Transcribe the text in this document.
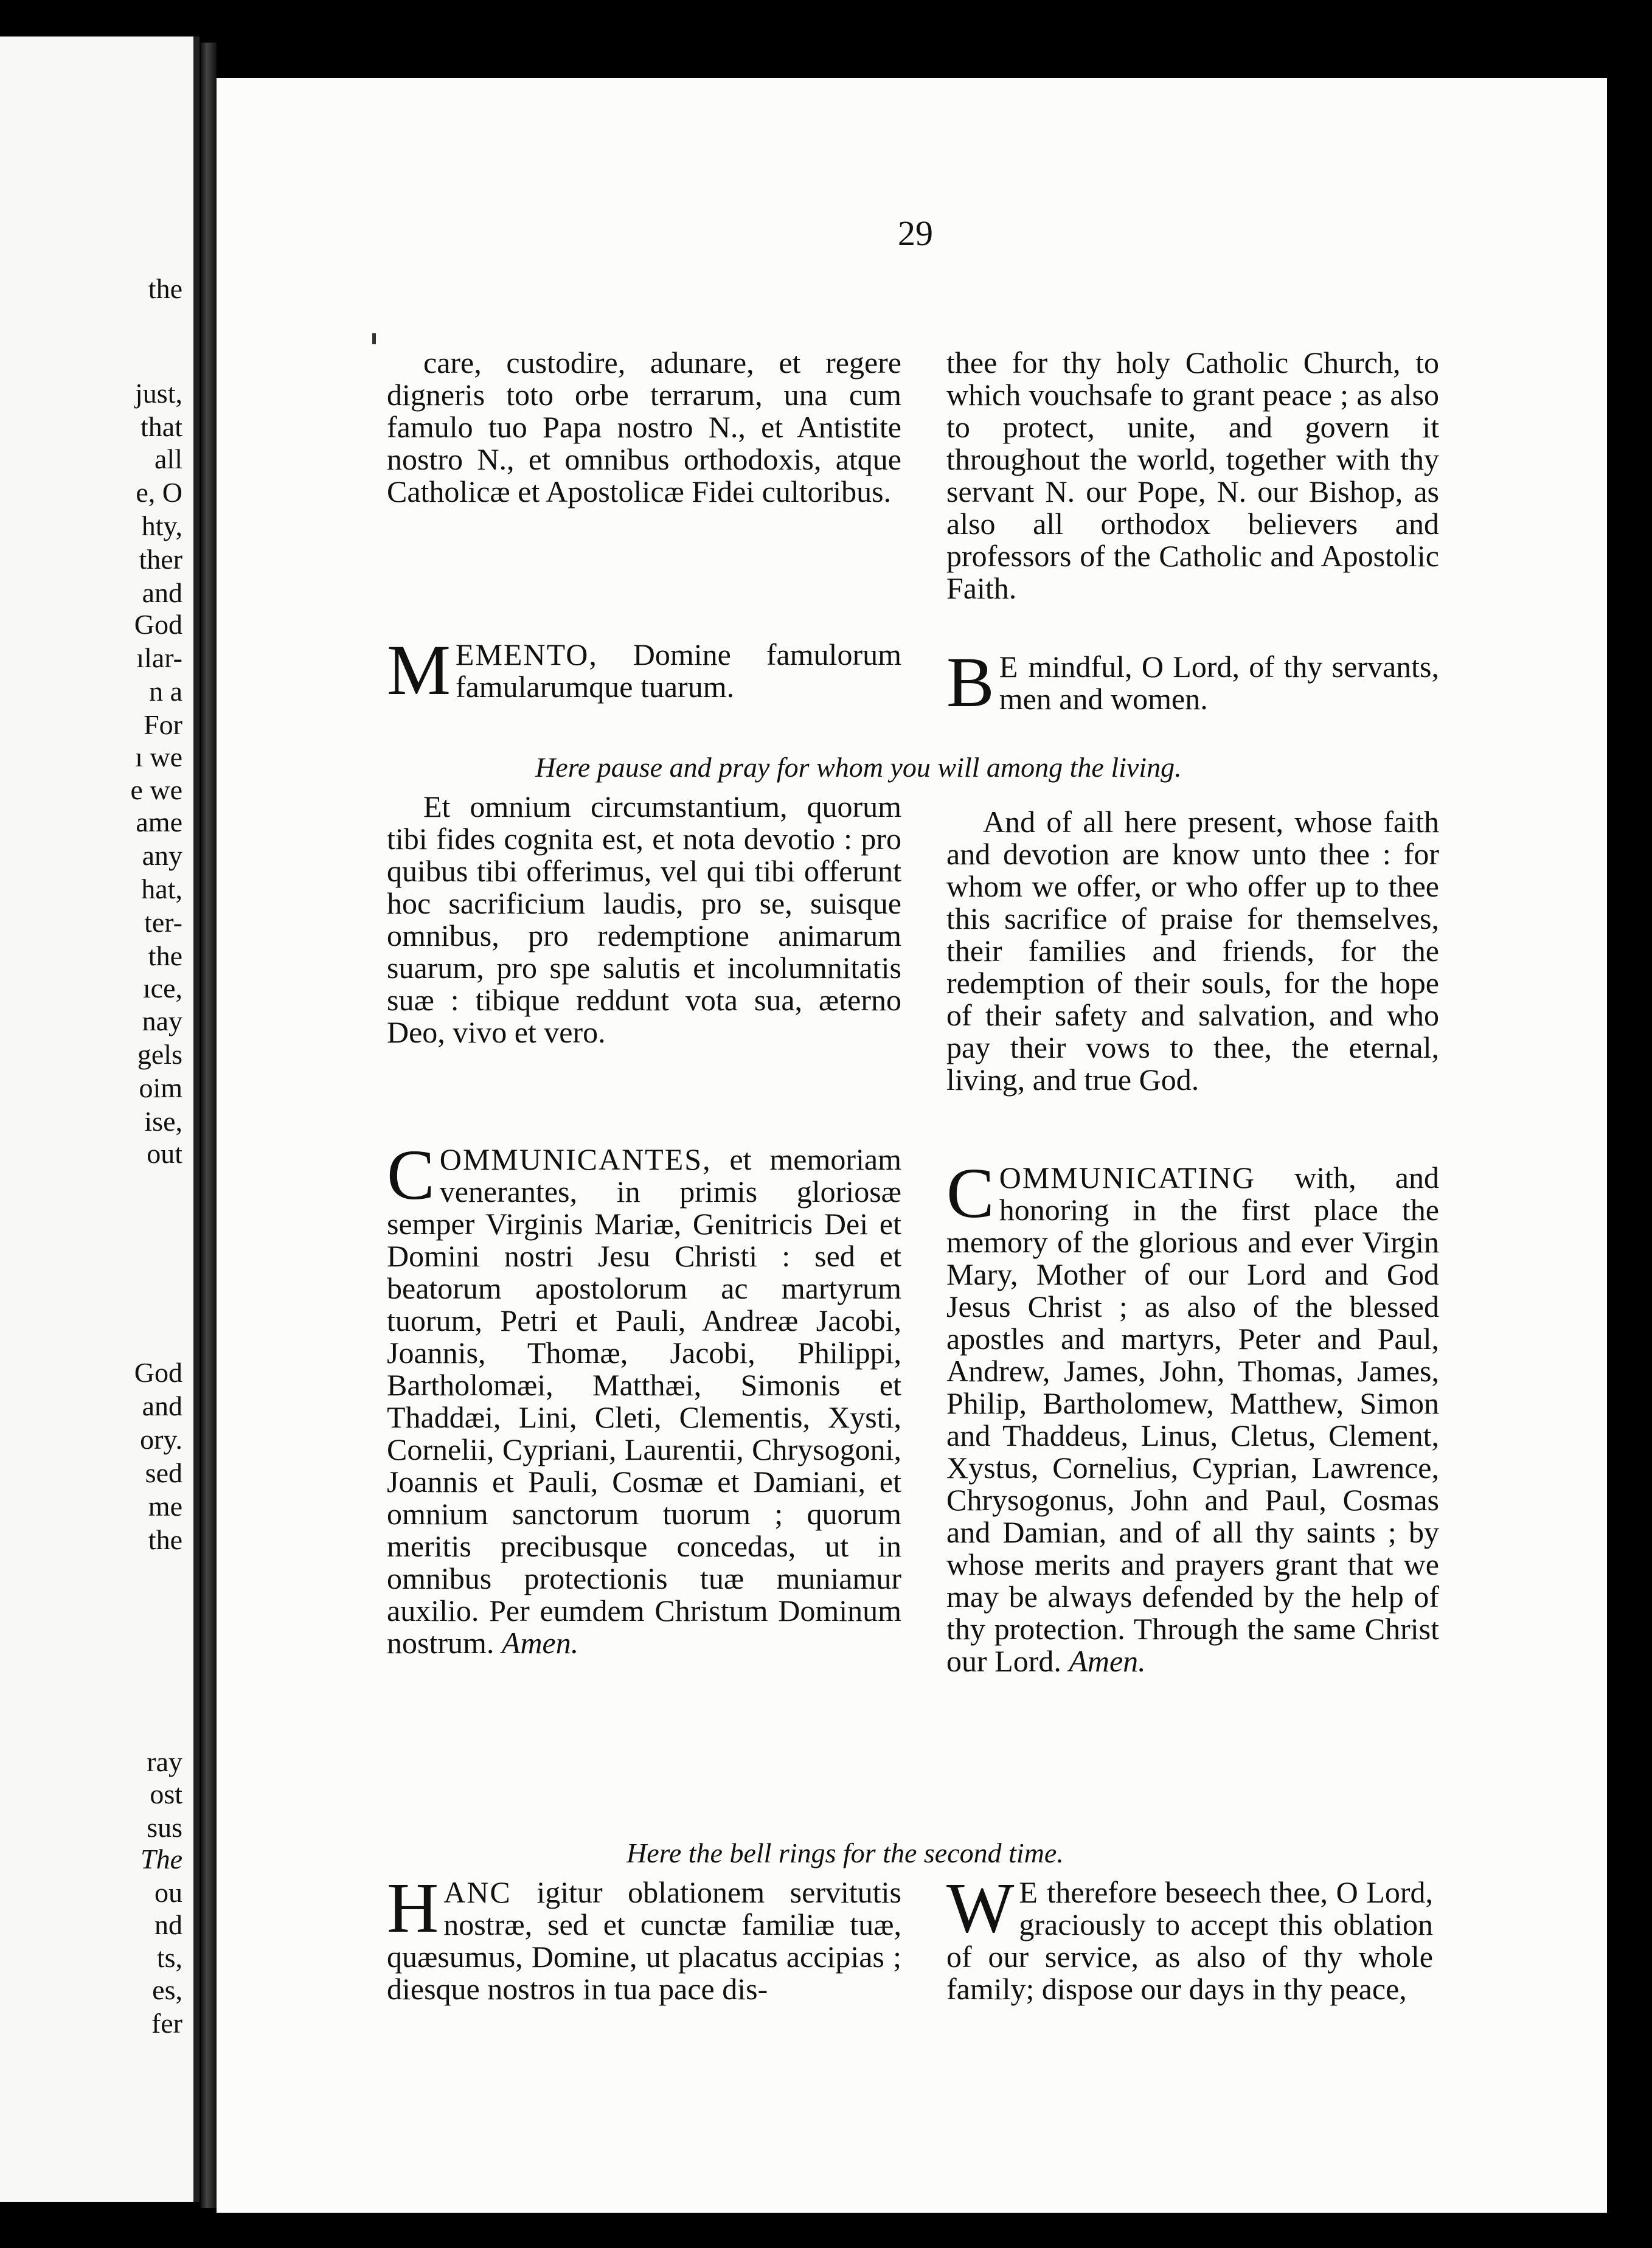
the
just,
that
all
e, O
hty,
ther
and
God
ılar-
n a
For
ı we
e we
ame
any
hat,
ter-
the
ıce,
nay
gels
oim
ise,
out
God
and
ory.
sed
me
the
ray
ost
sus
The
ou
nd
ts,
es,
fer
29

care, custodire, adunare, et regere digneris toto orbe terrarum, una cum famulo tuo Papa nostro N., et Antistite nostro N., et omnibus orthodoxis, atque Catholicæ et Apostolicæ Fidei cultoribus.

thee for thy holy Catholic Church, to which vouchsafe to grant peace ; as also to protect, unite, and govern it throughout the world, together with thy servant N. our Pope, N. our Bishop, as also all orthodox believers and professors of the Catholic and Apostolic Faith.

MEMENTO, Domine famulorum famularumque tuarum.	B E mindful, O Lord, of thy servants, men and women.

Here pause and pray for whom you will among the living.

Et omnium circumstantium, quorum tibi fides cognita est, et nota devotio : pro quibus tibi offerimus, vel qui tibi offerunt hoc sacrificium laudis, pro se, suisque omnibus, pro redemptione animarum suarum, pro spe salutis et incolumnitatis suæ : tibique reddunt vota sua, æterno Deo, vivo et vero.

And of all here present, whose faith and devotion are know unto thee : for whom we offer, or who offer up to thee this sacrifice of praise for themselves, their families and friends, for the redemption of their souls, for the hope of their safety and salvation, and who pay their vows to thee, the eternal, living, and true God.

COMMUNICANTES, et memoriam venerantes, in primis gloriosæ semper Virginis Mariæ, Genitricis Dei et Domini nostri Jesu Christi : sed et beatorum apostolorum ac martyrum tuorum, Petri et Pauli, Andreæ Jacobi, Joannis, Thomæ, Jacobi, Philippi, Bartholomæi, Matthæi, Simonis et Thaddæi, Lini, Cleti, Clementis, Xysti, Cornelii, Cypriani, Laurentii, Chrysogoni, Joannis et Pauli, Cosmæ et Damiani, et omnium sanctorum tuorum ; quorum meritis precibusque concedas, ut in omnibus protectionis tuæ muniamur auxilio. Per eumdem Christum Dominum nostrum. Amen.

COMMUNICATING with, and honoring in the first place the memory of the glorious and ever Virgin Mary, Mother of our Lord and God Jesus Christ ; as also of the blessed apostles and martyrs, Peter and Paul, Andrew, James, John, Thomas, James, Philip, Bartholomew, Matthew, Simon and Thaddeus, Linus, Cletus, Clement, Xystus, Cornelius, Cyprian, Lawrence, Chrysogonus, John and Paul, Cosmas and Damian, and of all thy saints ; by whose merits and prayers grant that we may be always defended by the help of thy protection. Through the same Christ our Lord. Amen.

Here the bell rings for the second time.

HANC igitur oblationem servitutis nostræ, sed et cunctæ familiæ tuæ, quæsumus, Domine, ut placatus accipias ; diesque nostros in tua pace dis-

W E therefore beseech thee, O Lord, graciously to accept this oblation of our service, as also of thy whole family; dispose our days in thy peace,
